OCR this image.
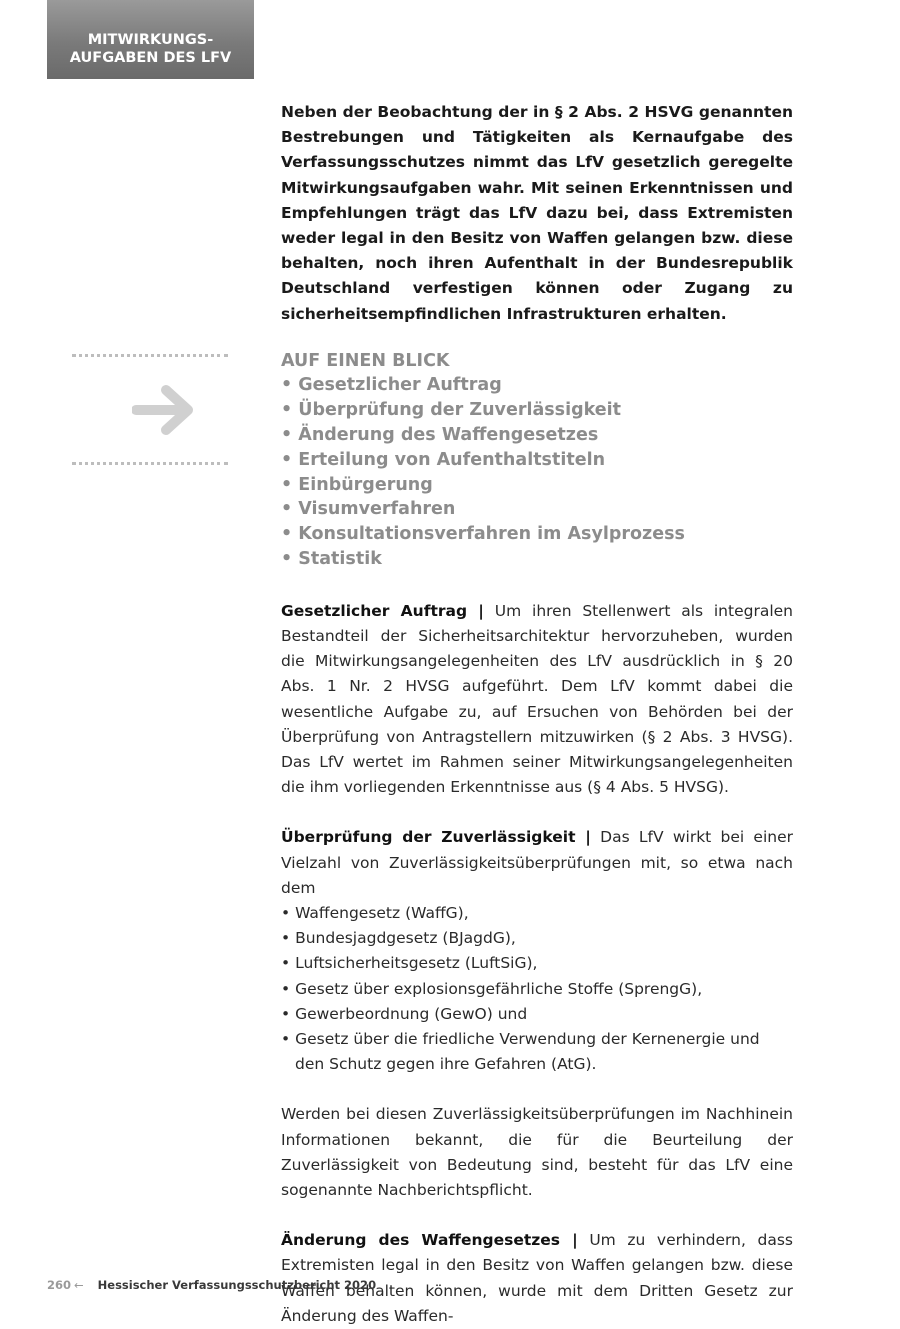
MITWIRKUNGS-
AUFGABEN DES LFV

Neben der Beobachtung der in § 2 Abs. 2 HSVG genannten Bestrebungen und Tätigkeiten als Kernaufgabe des Verfassungsschutzes nimmt das LfV gesetzlich geregelte Mitwirkungsaufgaben wahr. Mit seinen Erkenntnissen und Empfehlungen trägt das LfV dazu bei, dass Extremisten weder legal in den Besitz von Waffen gelangen bzw. diese behalten, noch ihren Aufenthalt in der Bundesrepublik Deutschland verfestigen können oder Zugang zu sicherheitsempfindlichen Infrastrukturen erhalten.

AUF EINEN BLICK
• Gesetzlicher Auftrag
• Überprüfung der Zuverlässigkeit
• Änderung des Waffengesetzes
• Erteilung von Aufenthaltstiteln
• Einbürgerung
• Visumverfahren
• Konsultationsverfahren im Asylprozess
• Statistik

Gesetzlicher Auftrag | Um ihren Stellenwert als integralen Bestandteil der Sicherheitsarchitektur hervorzuheben, wurden die Mitwirkungsangelegenheiten des LfV ausdrücklich in § 20 Abs. 1 Nr. 2 HVSG aufgeführt. Dem LfV kommt dabei die wesentliche Aufgabe zu, auf Ersuchen von Behörden bei der Überprüfung von Antragstellern mitzuwirken (§ 2 Abs. 3 HVSG). Das LfV wertet im Rahmen seiner Mitwirkungsangelegenheiten die ihm vorliegenden Erkenntnisse aus (§ 4 Abs. 5 HVSG).

Überprüfung der Zuverlässigkeit | Das LfV wirkt bei einer Vielzahl von Zuverlässigkeitsüberprüfungen mit, so etwa nach dem

• Waffengesetz (WaffG),
• Bundesjagdgesetz (BJagdG),
• Luftsicherheitsgesetz (LuftSiG),
• Gesetz über explosionsgefährliche Stoffe (SprengG),
• Gewerbeordnung (GewO) und
• Gesetz über die friedliche Verwendung der Kernenergie und den Schutz gegen ihre Gefahren (AtG).

Werden bei diesen Zuverlässigkeitsüberprüfungen im Nachhinein Informationen bekannt, die für die Beurteilung der Zuverlässigkeit von Bedeutung sind, besteht für das LfV eine sogenannte Nachberichtspflicht.

Änderung des Waffengesetzes | Um zu verhindern, dass Extremisten legal in den Besitz von Waffen gelangen bzw. diese Waffen behalten können, wurde mit dem Dritten Gesetz zur Änderung des Waffen-

260 ← Hessischer Verfassungsschutzbericht 2020
